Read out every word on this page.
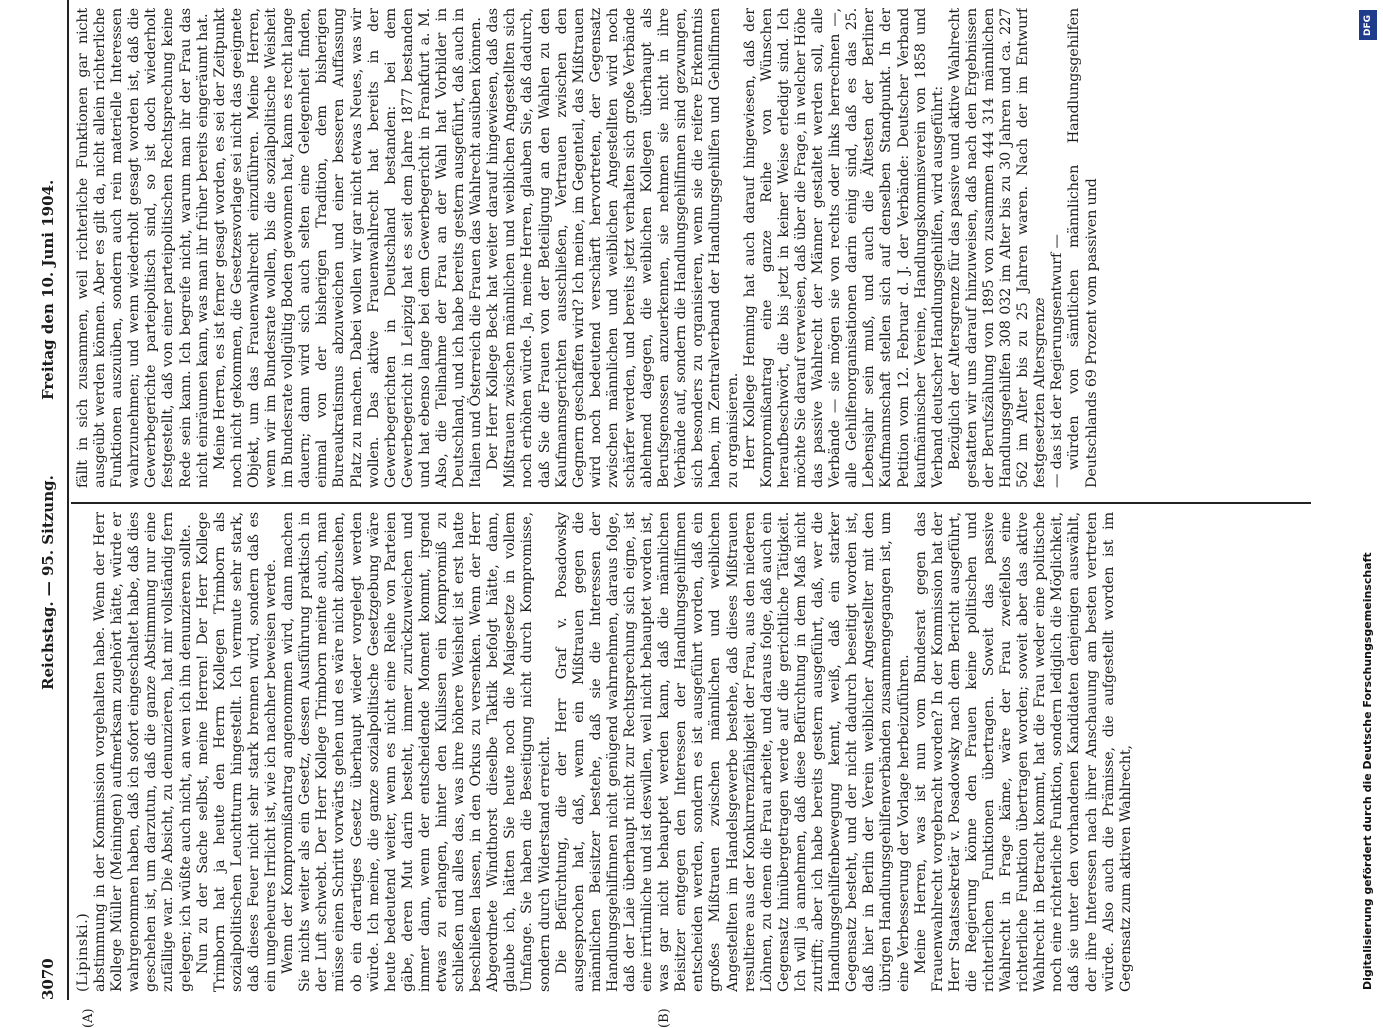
3070
Reichstag. — 95. Sitzung.
Freitag den 10. Juni 1904.
(A)	(B)

(Lipinski.) abstimmung in der Kommission vorgehalten habe. Wenn der Herr Kollege Müller (Meiningen) aufmerksam zugehört hätte, würde er wahrgenommen haben, daß ich sofort eingeschaltet habe, daß dies geschehen ist, um darzutun, daß die ganze Abstimmung nur eine zufällige war. Die Absicht, zu denunzieren, hat mir vollständig fern gelegen; ich wüßte auch nicht, an wen ich ihn denunzieren sollte. Nun zu der Sache selbst, meine Herren! Der Herr Kollege Trimborn hat ja heute den Herrn Kollegen Trimborn als sozialpolitischen Leuchtturm hingestellt. Ich vermute sehr stark, daß dieses Feuer nicht sehr stark brennen wird, sondern daß es ein ungeheures Irrlicht ist, wie ich nachher beweisen werde. Wenn der Kompromißantrag angenommen wird, dann machen Sie nichts weiter als ein Gesetz, dessen Ausführung praktisch in der Luft schwebt. Der Herr Kollege Trimborn meinte auch, man müsse einen Schritt vorwärts gehen und es wäre nicht abzusehen, ob ein derartiges Gesetz überhaupt wieder vorgelegt werden würde. Ich meine, die ganze sozialpolitische Gesetzgebung wäre heute bedeutend weiter, wenn es nicht eine Reihe von Parteien gäbe, deren Mut darin besteht, immer zurückzuweichen und immer dann, wenn der entscheidende Moment kommt, irgend etwas zu erlangen, hinter den Kulissen ein Kompromiß zu schließen und alles das, was ihre höhere Weisheit ist erst hatte beschließen lassen, in den Orkus zu versenken. Wenn der Herr Abgeordnete Windthorst dieselbe Taktik befolgt hätte, dann, glaube ich, hätten Sie heute noch die Maigesetze in vollem Umfange. Sie haben die Beseitigung nicht durch Kompromisse, sondern durch Widerstand erreicht. Die Befürchtung, die der Herr Graf v. Posadowsky ausgesprochen hat, daß, wenn ein Mißtrauen gegen die männlichen Beisitzer bestehe, daß sie die Interessen der Handlungsgehilfinnen nicht genügend wahrnehmen, daraus folge, daß der Laie überhaupt nicht zur Rechtsprechung sich eigne, ist eine irrtümliche und ist deswillen, weil nicht behauptet worden ist, was gar nicht behauptet werden kann, daß die männlichen Beisitzer entgegen den Interessen der Handlungsgehilfinnen entscheiden werden, sondern es ist ausgeführt worden, daß ein großes Mißtrauen zwischen männlichen und weiblichen Angestellten im Handelsgewerbe bestehe, daß dieses Mißtrauen resultiere aus der Konkurrenzfähigkeit der Frau, aus den niederen Löhnen, zu denen die Frau arbeite, und daraus folge, daß auch ein Gegensatz hinübergetragen werde auf die gerichtliche Tätigkeit. Ich will ja annehmen, daß diese Befürchtung in dem Maß nicht zutrifft; aber ich habe bereits gestern ausgeführt, daß, wer die Handlungsgehilfenbewegung kennt, weiß, daß ein starker Gegensatz besteht, und der nicht dadurch beseitigt worden ist, daß hier in Berlin der Verein weiblicher Angestellter mit den übrigen Handlungsgehilfenverbänden zusammengegangen ist, um eine Verbesserung der Vorlage herbeizuführen. Meine Herren, was ist nun vom Bundesrat gegen das Frauenwahlrecht vorgebracht worden? In der Kommission hat der Herr Staatssekretär v. Posadowsky nach dem Bericht ausgeführt, die Regierung könne den Frauen keine politischen und richterlichen Funktionen übertragen. Soweit das passive Wahlrecht in Frage käme, wäre der Frau zweifellos eine richterliche Funktion übertragen worden; soweit aber das aktive Wahlrecht in Betracht kommt, hat die Frau weder eine politische noch eine richterliche Funktion, sondern lediglich die Möglichkeit, daß sie unter den vorhandenen Kandidaten denjenigen auswählt, der ihre Interessen nach ihrer Anschauung am besten vertreten würde. Also auch die Prämisse, die aufgestellt worden ist im Gegensatz zum aktiven Wahlrecht,

fällt in sich zusammen, weil richterliche Funktionen gar nicht ausgeübt werden können. Aber es gilt da, nicht allein richterliche Funktionen auszuüben, sondern auch rein materielle Interessen wahrzunehmen; und wenn wiederholt gesagt worden ist, daß die Gewerbegerichte parteipolitisch sind, so ist doch wiederholt festgestellt, daß von einer parteipolitischen Rechtsprechung keine Rede sein kann. Ich begreife nicht, warum man ihr der Frau das nicht einräumen kann, was man ihr früher bereits eingeräumt hat. Meine Herren, es ist ferner gesagt worden, es sei der Zeitpunkt noch nicht gekommen, die Gesetzesvorlage sei nicht das geeignete Objekt, um das Frauenwahlrecht einzuführen. Meine Herren, wenn wir im Bundesrate wollen, bis die sozialpolitische Weisheit im Bundesrate vollgültig Boden gewonnen hat, kann es recht lange dauern; dann wird sich auch selten eine Gelegenheit finden, einmal von der bisherigen Tradition, dem bisherigen Bureaukratismus abzuweichen und einer besseren Auffassung Platz zu machen. Dabei wollen wir gar nicht etwas Neues, was wir wollen. Das aktive Frauenwahlrecht hat bereits in der Gewerbegerichten in Deutschland bestanden: bei dem Gewerbegericht in Leipzig hat es seit dem Jahre 1877 bestanden und hat ebenso lange bei dem Gewerbegericht in Frankfurt a. M. Also, die Teilnahme der Frau an der Wahl hat Vorbilder in Deutschland, und ich habe bereits gestern ausgeführt, daß auch in Italien und Österreich die Frauen das Wahlrecht ausüben können. Der Herr Kollege Beck hat weiter darauf hingewiesen, daß das Mißtrauen zwischen männlichen und weiblichen Angestellten sich noch erhöhen würde. Ja, meine Herren, glauben Sie, daß dadurch, daß Sie die Frauen von der Beteiligung an den Wahlen zu den Kaufmannsgerichten ausschließen, Vertrauen zwischen den Gegnern geschaffen wird? Ich meine, im Gegenteil, das Mißtrauen wird noch bedeutend verschärft hervortreten, der Gegensatz zwischen männlichen und weiblichen Angestellten wird noch schärfer werden, und bereits jetzt verhalten sich große Verbände ablehnend dagegen, die weiblichen Kollegen überhaupt als Berufsgenossen anzuerkennen, sie nehmen sie nicht in ihre Verbände auf, sondern die Handlungsgehilfinnen sind gezwungen, sich besonders zu organisieren, wenn sie die reifere Erkenntnis haben, im Zentralverband der Handlungsgehilfen und Gehilfinnen zu organisieren. Herr Kollege Henning hat auch darauf hingewiesen, daß der Kompromißantrag eine ganze Reihe von Wünschen heraufbeschwört, die bis jetzt in keiner Weise erledigt sind. Ich möchte Sie darauf verweisen, daß über die Frage, in welcher Höhe das passive Wahlrecht der Männer gestaltet werden soll, alle Verbände — sie mögen sie von rechts oder links herrechnen —, alle Gehilfenorganisationen darin einig sind, daß es das 25. Lebensjahr sein muß, und auch die Ältesten der Berliner Kaufmannschaft stellen sich auf denselben Standpunkt. In der Petition vom 12. Februar d. J. der Verbände: Deutscher Verband kaufmännischer Vereine, Handlungskommisverein von 1858 und Verband deutscher Handlungsgehilfen, wird ausgeführt: Bezüglich der Altersgrenze für das passive und aktive Wahlrecht gestatten wir uns darauf hinzuweisen, daß nach den Ergebnissen der Berufszählung von 1895 von zusammen 444 314 männlichen Handlungsgehilfen 308 032 im Alter bis zu 30 Jahren und ca. 227 562 im Alter bis zu 25 Jahren waren. Nach der im Entwurf festgesetzten Altersgrenze — das ist der Regierungsentwurf — würden von sämtlichen männlichen Handlungsgehilfen Deutschlands 69 Prozent vom passiven und

DFG
Digitalisierung gefördert durch die Deutsche Forschungsgemeinschaft
